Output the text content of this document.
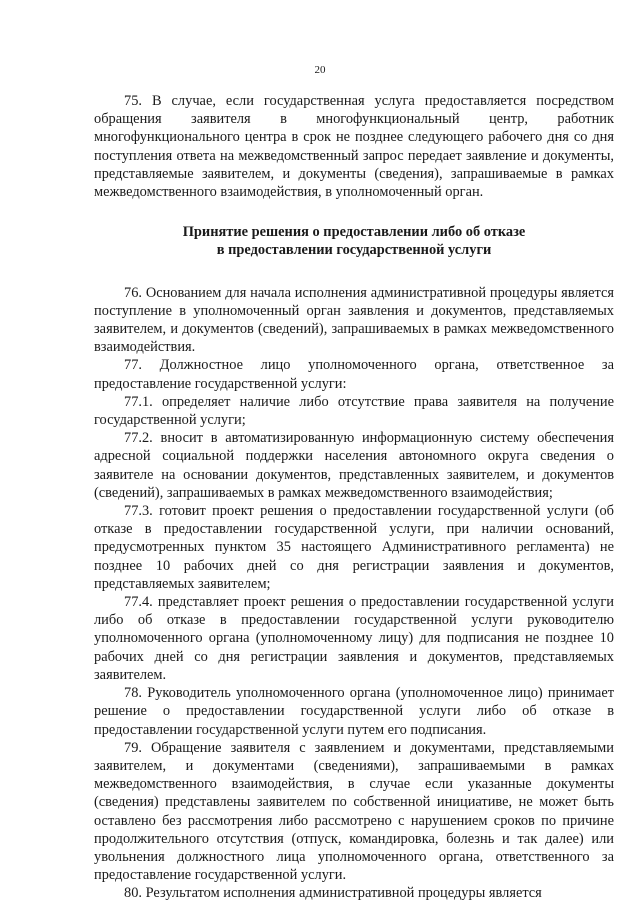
20

75. В случае, если государственная услуга предоставляется посредством обращения заявителя в многофункциональный центр, работник многофункционального центра в срок не позднее следующего рабочего дня со дня поступления ответа на межведомственный запрос передает заявление и документы, представляемые заявителем, и документы (сведения), запрашиваемые в рамках межведомственного взаимодействия, в уполномоченный орган.

Принятие решения о предоставлении либо об отказе
в предоставлении государственной услуги

76. Основанием для начала исполнения административной процедуры является поступление в уполномоченный орган заявления и документов, представляемых заявителем, и документов (сведений), запрашиваемых в рамках межведомственного взаимодействия.

77. Должностное лицо уполномоченного органа, ответственное за предоставление государственной услуги:

77.1. определяет наличие либо отсутствие права заявителя на получение государственной услуги;

77.2. вносит в автоматизированную информационную систему обеспечения адресной социальной поддержки населения автономного округа сведения о заявителе на основании документов, представленных заявителем, и документов (сведений), запрашиваемых в рамках межведомственного взаимодействия;

77.3. готовит проект решения о предоставлении государственной услуги (об отказе в предоставлении государственной услуги, при наличии оснований, предусмотренных пунктом 35 настоящего Административного регламента) не позднее 10 рабочих дней со дня регистрации заявления и документов, представляемых заявителем;

77.4. представляет проект решения о предоставлении государственной услуги либо об отказе в предоставлении государственной услуги руководителю уполномоченного органа (уполномоченному лицу) для подписания не позднее 10 рабочих дней со дня регистрации заявления и документов, представляемых заявителем.

78. Руководитель уполномоченного органа (уполномоченное лицо) принимает решение о предоставлении государственной услуги либо об отказе в предоставлении государственной услуги путем его подписания.

79. Обращение заявителя с заявлением и документами, представляемыми заявителем, и документами (сведениями), запрашиваемыми в рамках межведомственного взаимодействия, в случае если указанные документы (сведения) представлены заявителем по собственной инициативе, не может быть оставлено без рассмотрения либо рассмотрено с нарушением сроков по причине продолжительного отсутствия (отпуск, командировка, болезнь и так далее) или увольнения должностного лица уполномоченного органа, ответственного за предоставление государственной услуги.

80. Результатом исполнения административной процедуры является
